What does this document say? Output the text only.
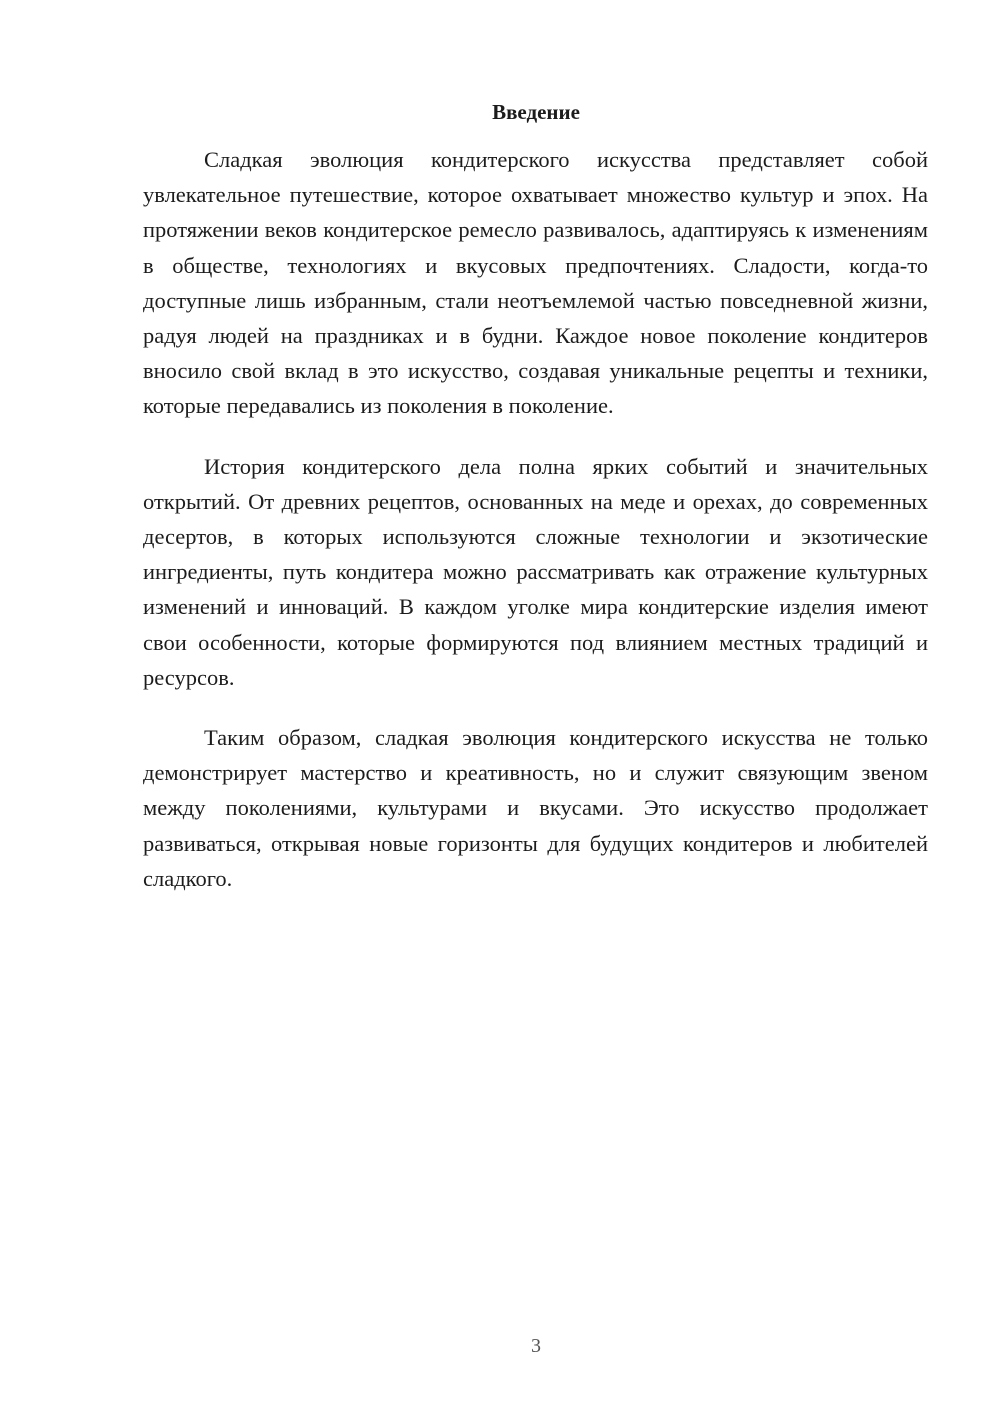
Введение

Сладкая эволюция кондитерского искусства представляет собой увлекательное путешествие, которое охватывает множество культур и эпох. На протяжении веков кондитерское ремесло развивалось, адаптируясь к изменениям в обществе, технологиях и вкусовых предпочтениях. Сладости, когда-то доступные лишь избранным, стали неотъемлемой частью повседневной жизни, радуя людей на праздниках и в будни. Каждое новое поколение кондитеров вносило свой вклад в это искусство, создавая уникальные рецепты и техники, которые передавались из поколения в поколение.

История кондитерского дела полна ярких событий и значительных открытий. От древних рецептов, основанных на меде и орехах, до современных десертов, в которых используются сложные технологии и экзотические ингредиенты, путь кондитера можно рассматривать как отражение культурных изменений и инноваций. В каждом уголке мира кондитерские изделия имеют свои особенности, которые формируются под влиянием местных традиций и ресурсов.

Таким образом, сладкая эволюция кондитерского искусства не только демонстрирует мастерство и креативность, но и служит связующим звеном между поколениями, культурами и вкусами. Это искусство продолжает развиваться, открывая новые горизонты для будущих кондитеров и любителей сладкого.

3
